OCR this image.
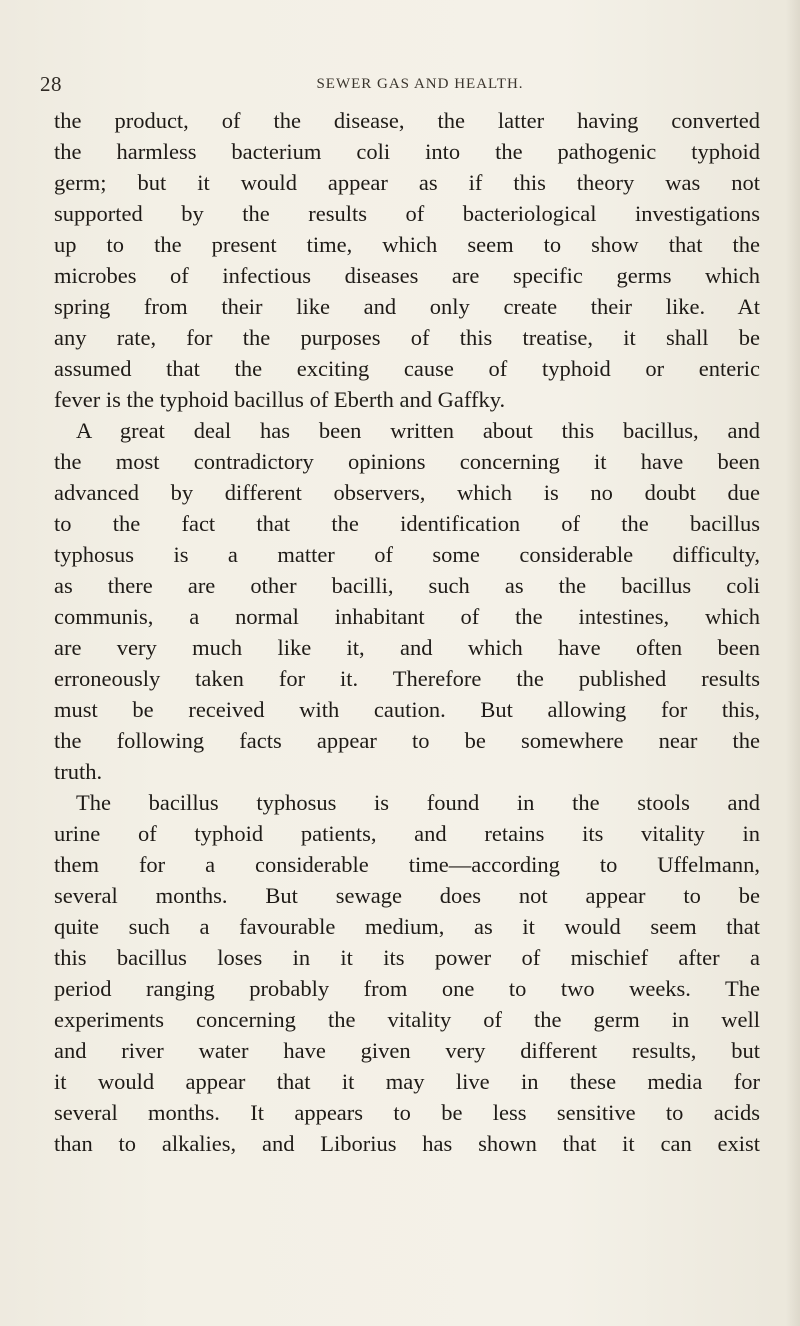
28	SEWER GAS AND HEALTH.
the product, of the disease, the latter having converted
the harmless bacterium coli into the pathogenic typhoid
germ; but it would appear as if this theory was not
supported by the results of bacteriological investigations
up to the present time, which seem to show that the
microbes of infectious diseases are specific germs which
spring from their like and only create their like. At
any rate, for the purposes of this treatise, it shall be
assumed that the exciting cause of typhoid or enteric
fever is the typhoid bacillus of Eberth and Gaffky.
A great deal has been written about this bacillus, and
the most contradictory opinions concerning it have been
advanced by different observers, which is no doubt due
to the fact that the identification of the bacillus
typhosus is a matter of some considerable difficulty,
as there are other bacilli, such as the bacillus coli
communis, a normal inhabitant of the intestines, which
are very much like it, and which have often been
erroneously taken for it. Therefore the published results
must be received with caution. But allowing for this,
the following facts appear to be somewhere near the
truth.
The bacillus typhosus is found in the stools and
urine of typhoid patients, and retains its vitality in
them for a considerable time—according to Uffelmann,
several months. But sewage does not appear to be
quite such a favourable medium, as it would seem that
this bacillus loses in it its power of mischief after a
period ranging probably from one to two weeks. The
experiments concerning the vitality of the germ in well
and river water have given very different results, but
it would appear that it may live in these media for
several months. It appears to be less sensitive to acids
than to alkalies, and Liborius has shown that it can exist
